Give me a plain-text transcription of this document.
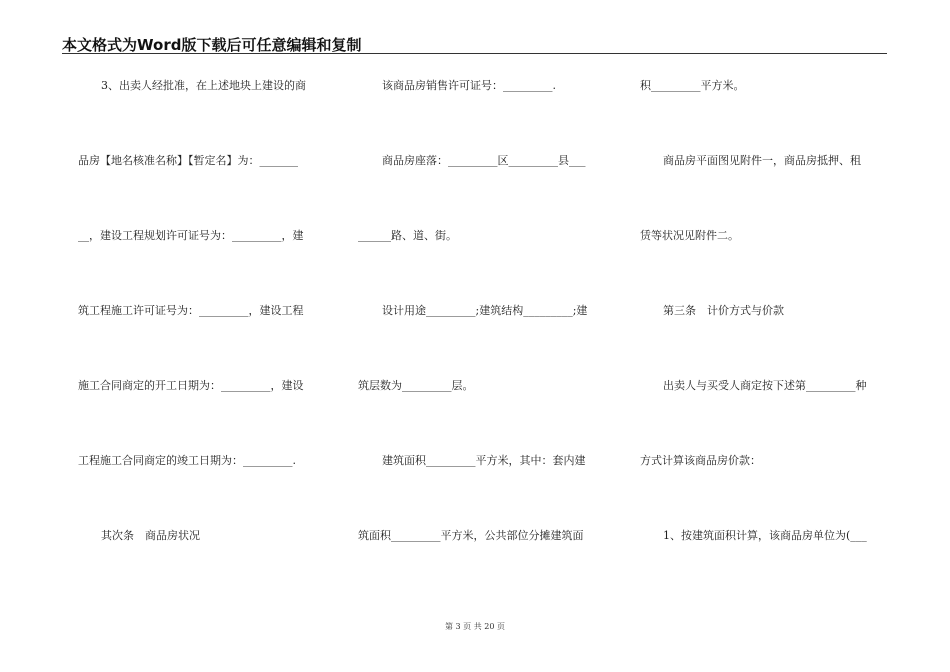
本文格式为Word版下载后可任意编辑和复制
3、出卖人经批准，在上述地块上建设的商
品房【地名核准名称】【暂定名】为：_______
__，建设工程规划许可证号为：_________，建
筑工程施工许可证号为：_________，建设工程
施工合同商定的开工日期为：_________，建设
工程施工合同商定的竣工日期为：_________.
其次条　商品房状况
该商品房销售许可证号：_________.
商品房座落：_________区_________县___
______路、道、街。
设计用途_________;建筑结构_________;建
筑层数为_________层。
建筑面积_________平方米，其中：套内建
筑面积_________平方米，公共部位分摊建筑面
积_________平方米。
商品房平面图见附件一，商品房抵押、租
赁等状况见附件二。
第三条　计价方式与价款
出卖人与买受人商定按下述第_________种
方式计算该商品房价款：
1、按建筑面积计算，该商品房单位为(___
第 3 页 共 20 页
